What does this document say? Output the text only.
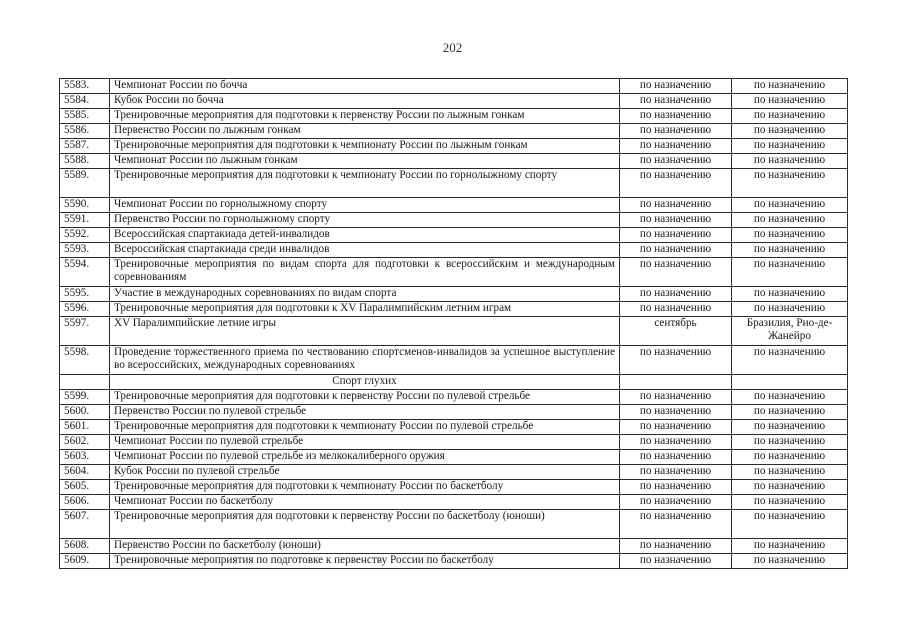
202
5583.	Чемпионат России по бочча	по назначению	по назначению
5584.	Кубок России по бочча	по назначению	по назначению
5585.	Тренировочные мероприятия для подготовки к первенству России по лыжным гонкам	по назначению	по назначению
5586.	Первенство России по лыжным гонкам	по назначению	по назначению
5587.	Тренировочные мероприятия для подготовки к чемпионату России по лыжным гонкам	по назначению	по назначению
5588.	Чемпионат России по лыжным гонкам	по назначению	по назначению
5589.	Тренировочные мероприятия для подготовки к чемпионату России по горнолыжному спорту	по назначению	по назначению
5590.	Чемпионат России по горнолыжному спорту	по назначению	по назначению
5591.	Первенство России по горнолыжному спорту	по назначению	по назначению
5592.	Всероссийская спартакиада детей-инвалидов	по назначению	по назначению
5593.	Всероссийская спартакиада среди инвалидов	по назначению	по назначению
5594.	Тренировочные мероприятия по видам спорта для подготовки к всероссийским и международным соревнованиям	по назначению	по назначению
5595.	Участие в международных соревнованиях по видам спорта	по назначению	по назначению
5596.	Тренировочные мероприятия для подготовки к XV Паралимпийским летним играм	по назначению	по назначению
5597.	XV Паралимпийские летние игры	сентябрь	Бразилия, Рио-де-Жанейро
5598.	Проведение торжественного приема по чествованию спортсменов-инвалидов за успешное выступление во всероссийских, международных соревнованиях	по назначению	по назначению
	Спорт глухих		
5599.	Тренировочные мероприятия для подготовки к первенству России по пулевой стрельбе	по назначению	по назначению
5600.	Первенство России по пулевой стрельбе	по назначению	по назначению
5601.	Тренировочные мероприятия для подготовки к чемпионату России по пулевой стрельбе	по назначению	по назначению
5602.	Чемпионат России по пулевой стрельбе	по назначению	по назначению
5603.	Чемпионат России по пулевой стрельбе из мелкокалиберного оружия	по назначению	по назначению
5604.	Кубок России по пулевой стрельбе	по назначению	по назначению
5605.	Тренировочные мероприятия для подготовки к чемпионату России по баскетболу	по назначению	по назначению
5606.	Чемпионат России по баскетболу	по назначению	по назначению
5607.	Тренировочные мероприятия для подготовки к первенству России по баскетболу (юноши)	по назначению	по назначению
5608.	Первенство России по баскетболу (юноши)	по назначению	по назначению
5609.	Тренировочные мероприятия по подготовке к первенству России по баскетболу	по назначению	по назначению
